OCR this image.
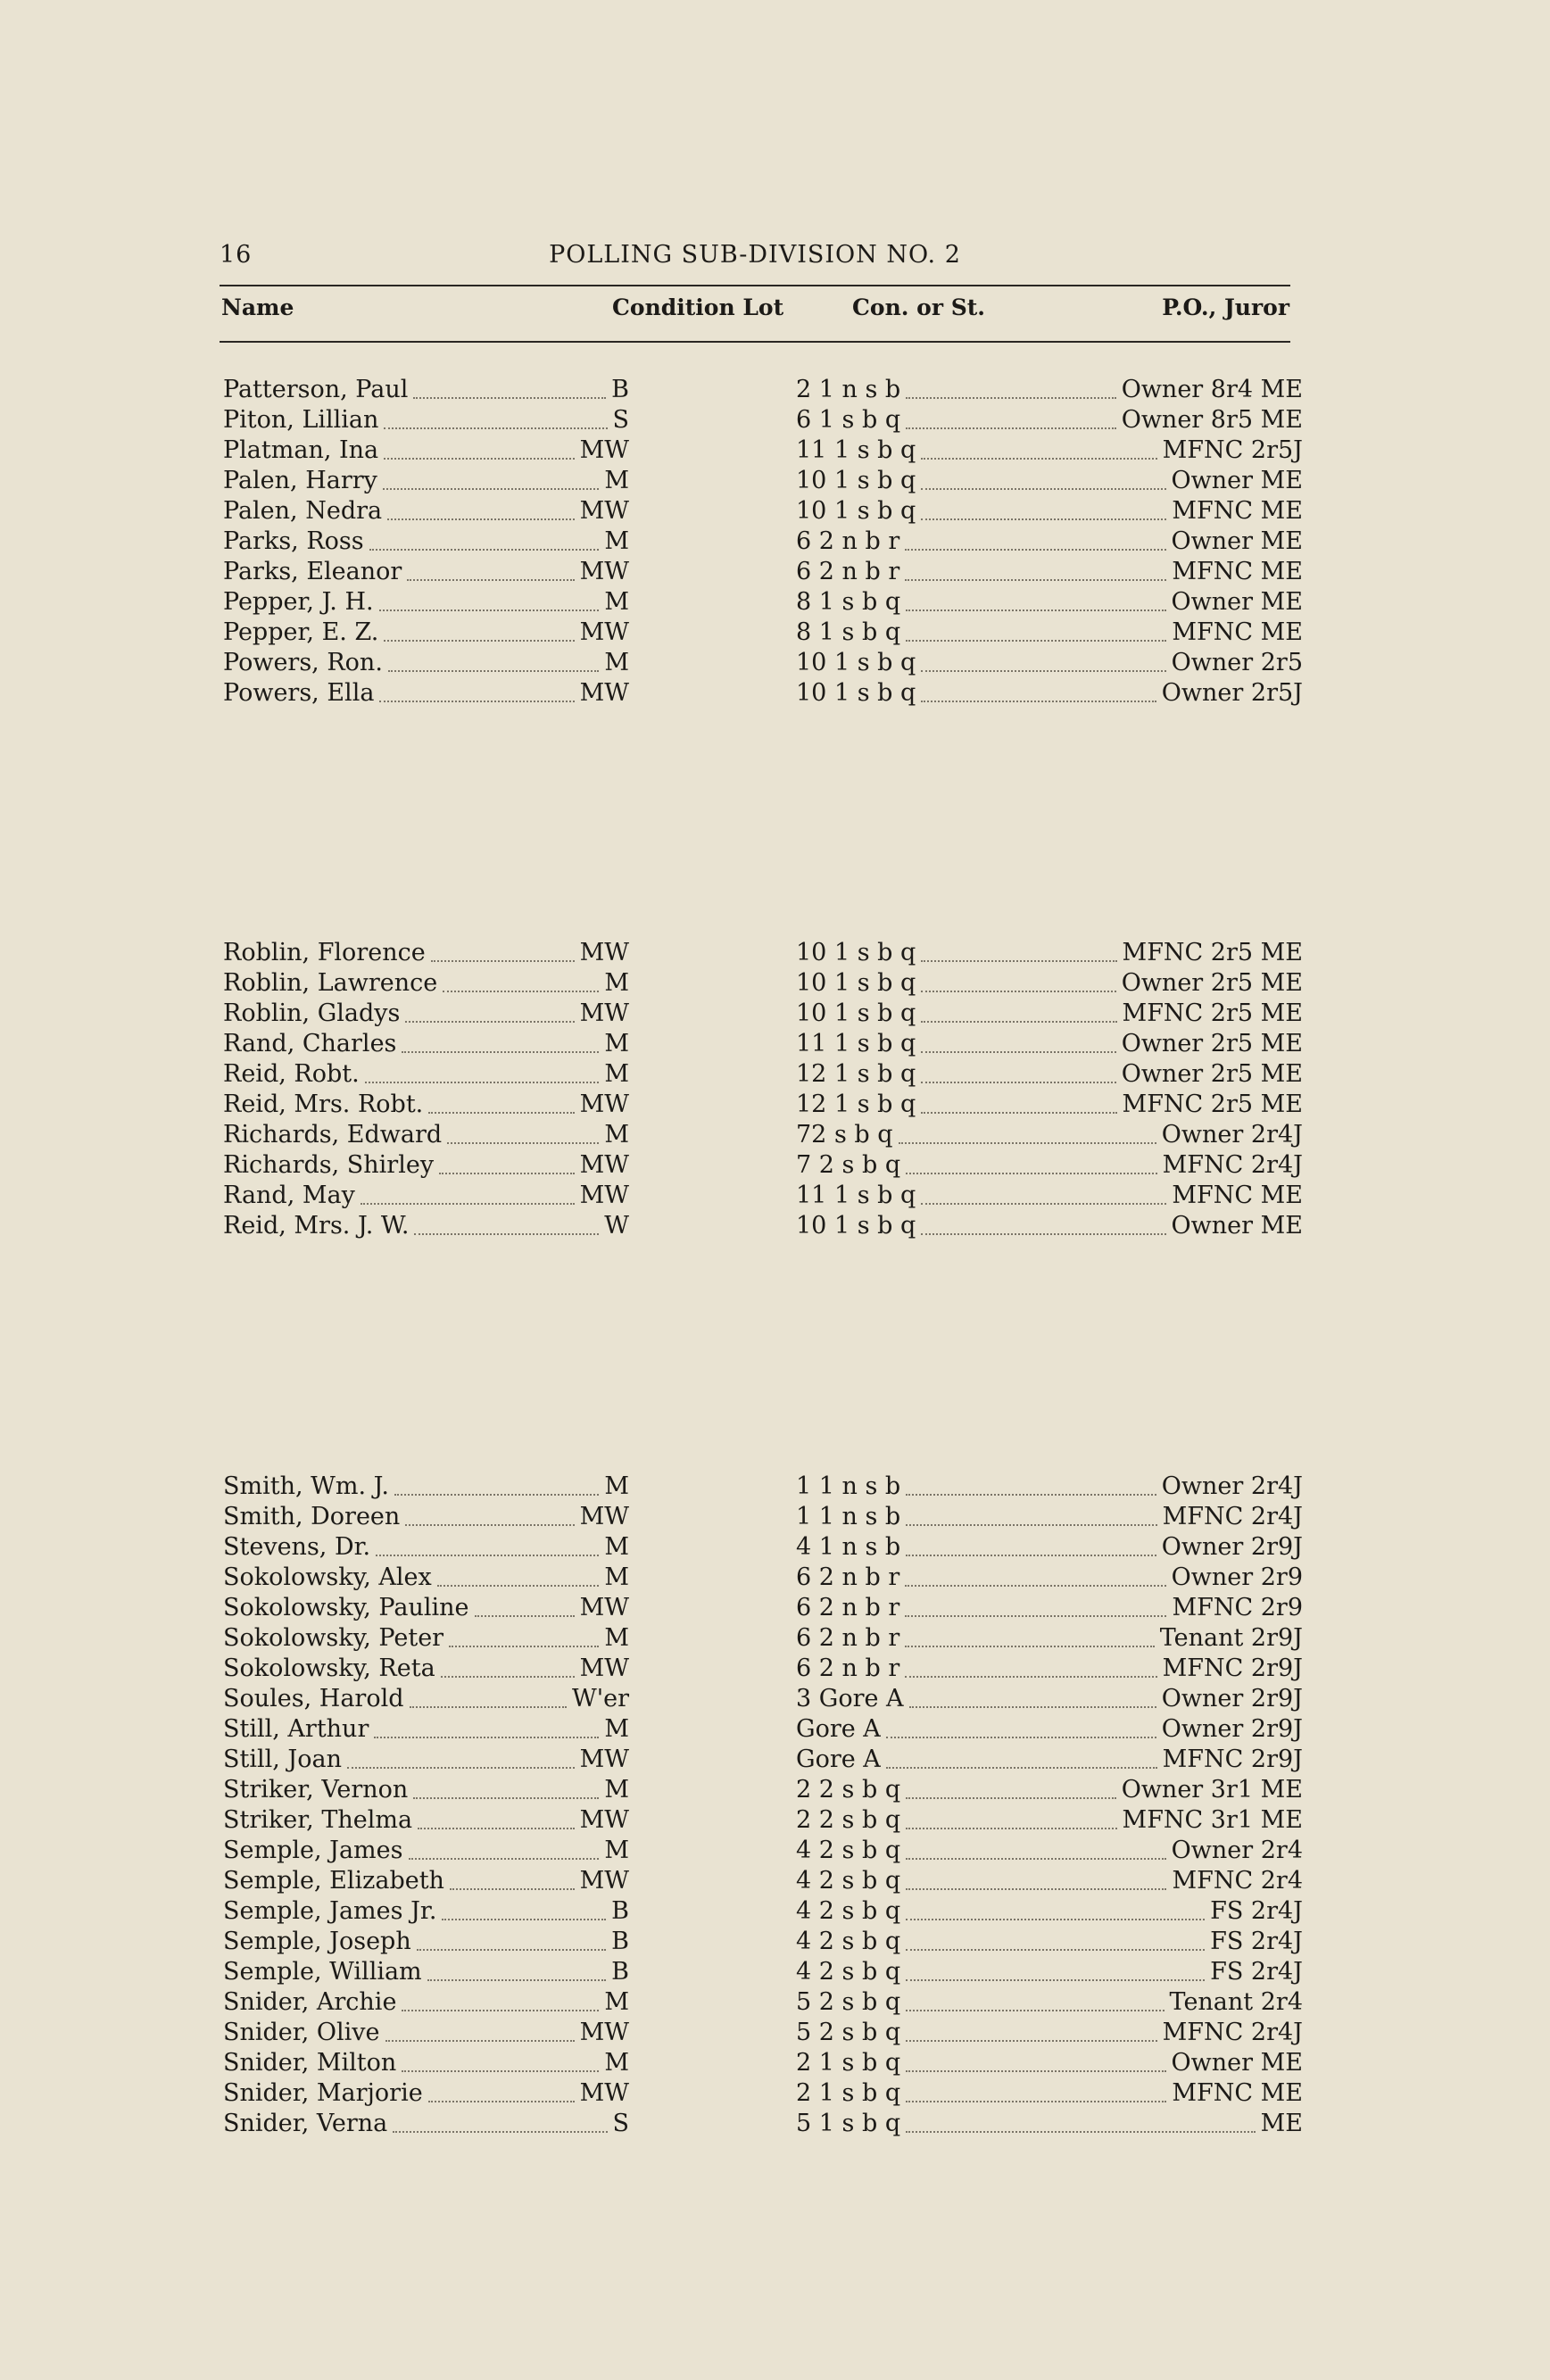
16	POLLING SUB-DIVISION NO. 2
Name	Condition Lot	Con. or St.	P.O., Juror
Patterson, Paul	B	2 1 n s b	Owner 8r4 ME
Piton, Lillian	S	6 1 s b q	Owner 8r5 ME
Platman, Ina	MW	11 1 s b q	MFNC 2r5J
Palen, Harry	M	10 1 s b q	Owner ME
Palen, Nedra	MW	10 1 s b q	MFNC ME
Parks, Ross	M	6 2 n b r	Owner ME
Parks, Eleanor	MW	6 2 n b r	MFNC ME
Pepper, J. H.	M	8 1 s b q	Owner ME
Pepper, E. Z.	MW	8 1 s b q	MFNC ME
Powers, Ron.	M	10 1 s b q	Owner 2r5
Powers, Ella	MW	10 1 s b q	Owner 2r5J
Roblin, Florence	MW	10 1 s b q	MFNC 2r5 ME
Roblin, Lawrence	M	10 1 s b q	Owner 2r5 ME
Roblin, Gladys	MW	10 1 s b q	MFNC 2r5 ME
Rand, Charles	M	11 1 s b q	Owner 2r5 ME
Reid, Robt.	M	12 1 s b q	Owner 2r5 ME
Reid, Mrs. Robt.	MW	12 1 s b q	MFNC 2r5 ME
Richards, Edward	M	72 s b q	Owner 2r4J
Richards, Shirley	MW	7 2 s b q	MFNC 2r4J
Rand, May	MW	11 1 s b q	MFNC ME
Reid, Mrs. J. W.	W	10 1 s b q	Owner ME
Smith, Wm. J.	M	1 1 n s b	Owner 2r4J
Smith, Doreen	MW	1 1 n s b	MFNC 2r4J
Stevens, Dr.	M	4 1 n s b	Owner 2r9J
Sokolowsky, Alex	M	6 2 n b r	Owner 2r9
Sokolowsky, Pauline	MW	6 2 n b r	MFNC 2r9
Sokolowsky, Peter	M	6 2 n b r	Tenant 2r9J
Sokolowsky, Reta	MW	6 2 n b r	MFNC 2r9J
Soules, Harold	W'er	3 Gore A	Owner 2r9J
Still, Arthur	M	Gore A	Owner 2r9J
Still, Joan	MW	Gore A	MFNC 2r9J
Striker, Vernon	M	2 2 s b q	Owner 3r1 ME
Striker, Thelma	MW	2 2 s b q	MFNC 3r1 ME
Semple, James	M	4 2 s b q	Owner 2r4
Semple, Elizabeth	MW	4 2 s b q	MFNC 2r4
Semple, James Jr.	B	4 2 s b q	FS 2r4J
Semple, Joseph	B	4 2 s b q	FS 2r4J
Semple, William	B	4 2 s b q	FS 2r4J
Snider, Archie	M	5 2 s b q	Tenant 2r4
Snider, Olive	MW	5 2 s b q	MFNC 2r4J
Snider, Milton	M	2 1 s b q	Owner ME
Snider, Marjorie	MW	2 1 s b q	MFNC ME
Snider, Verna	S	5 1 s b q	ME
